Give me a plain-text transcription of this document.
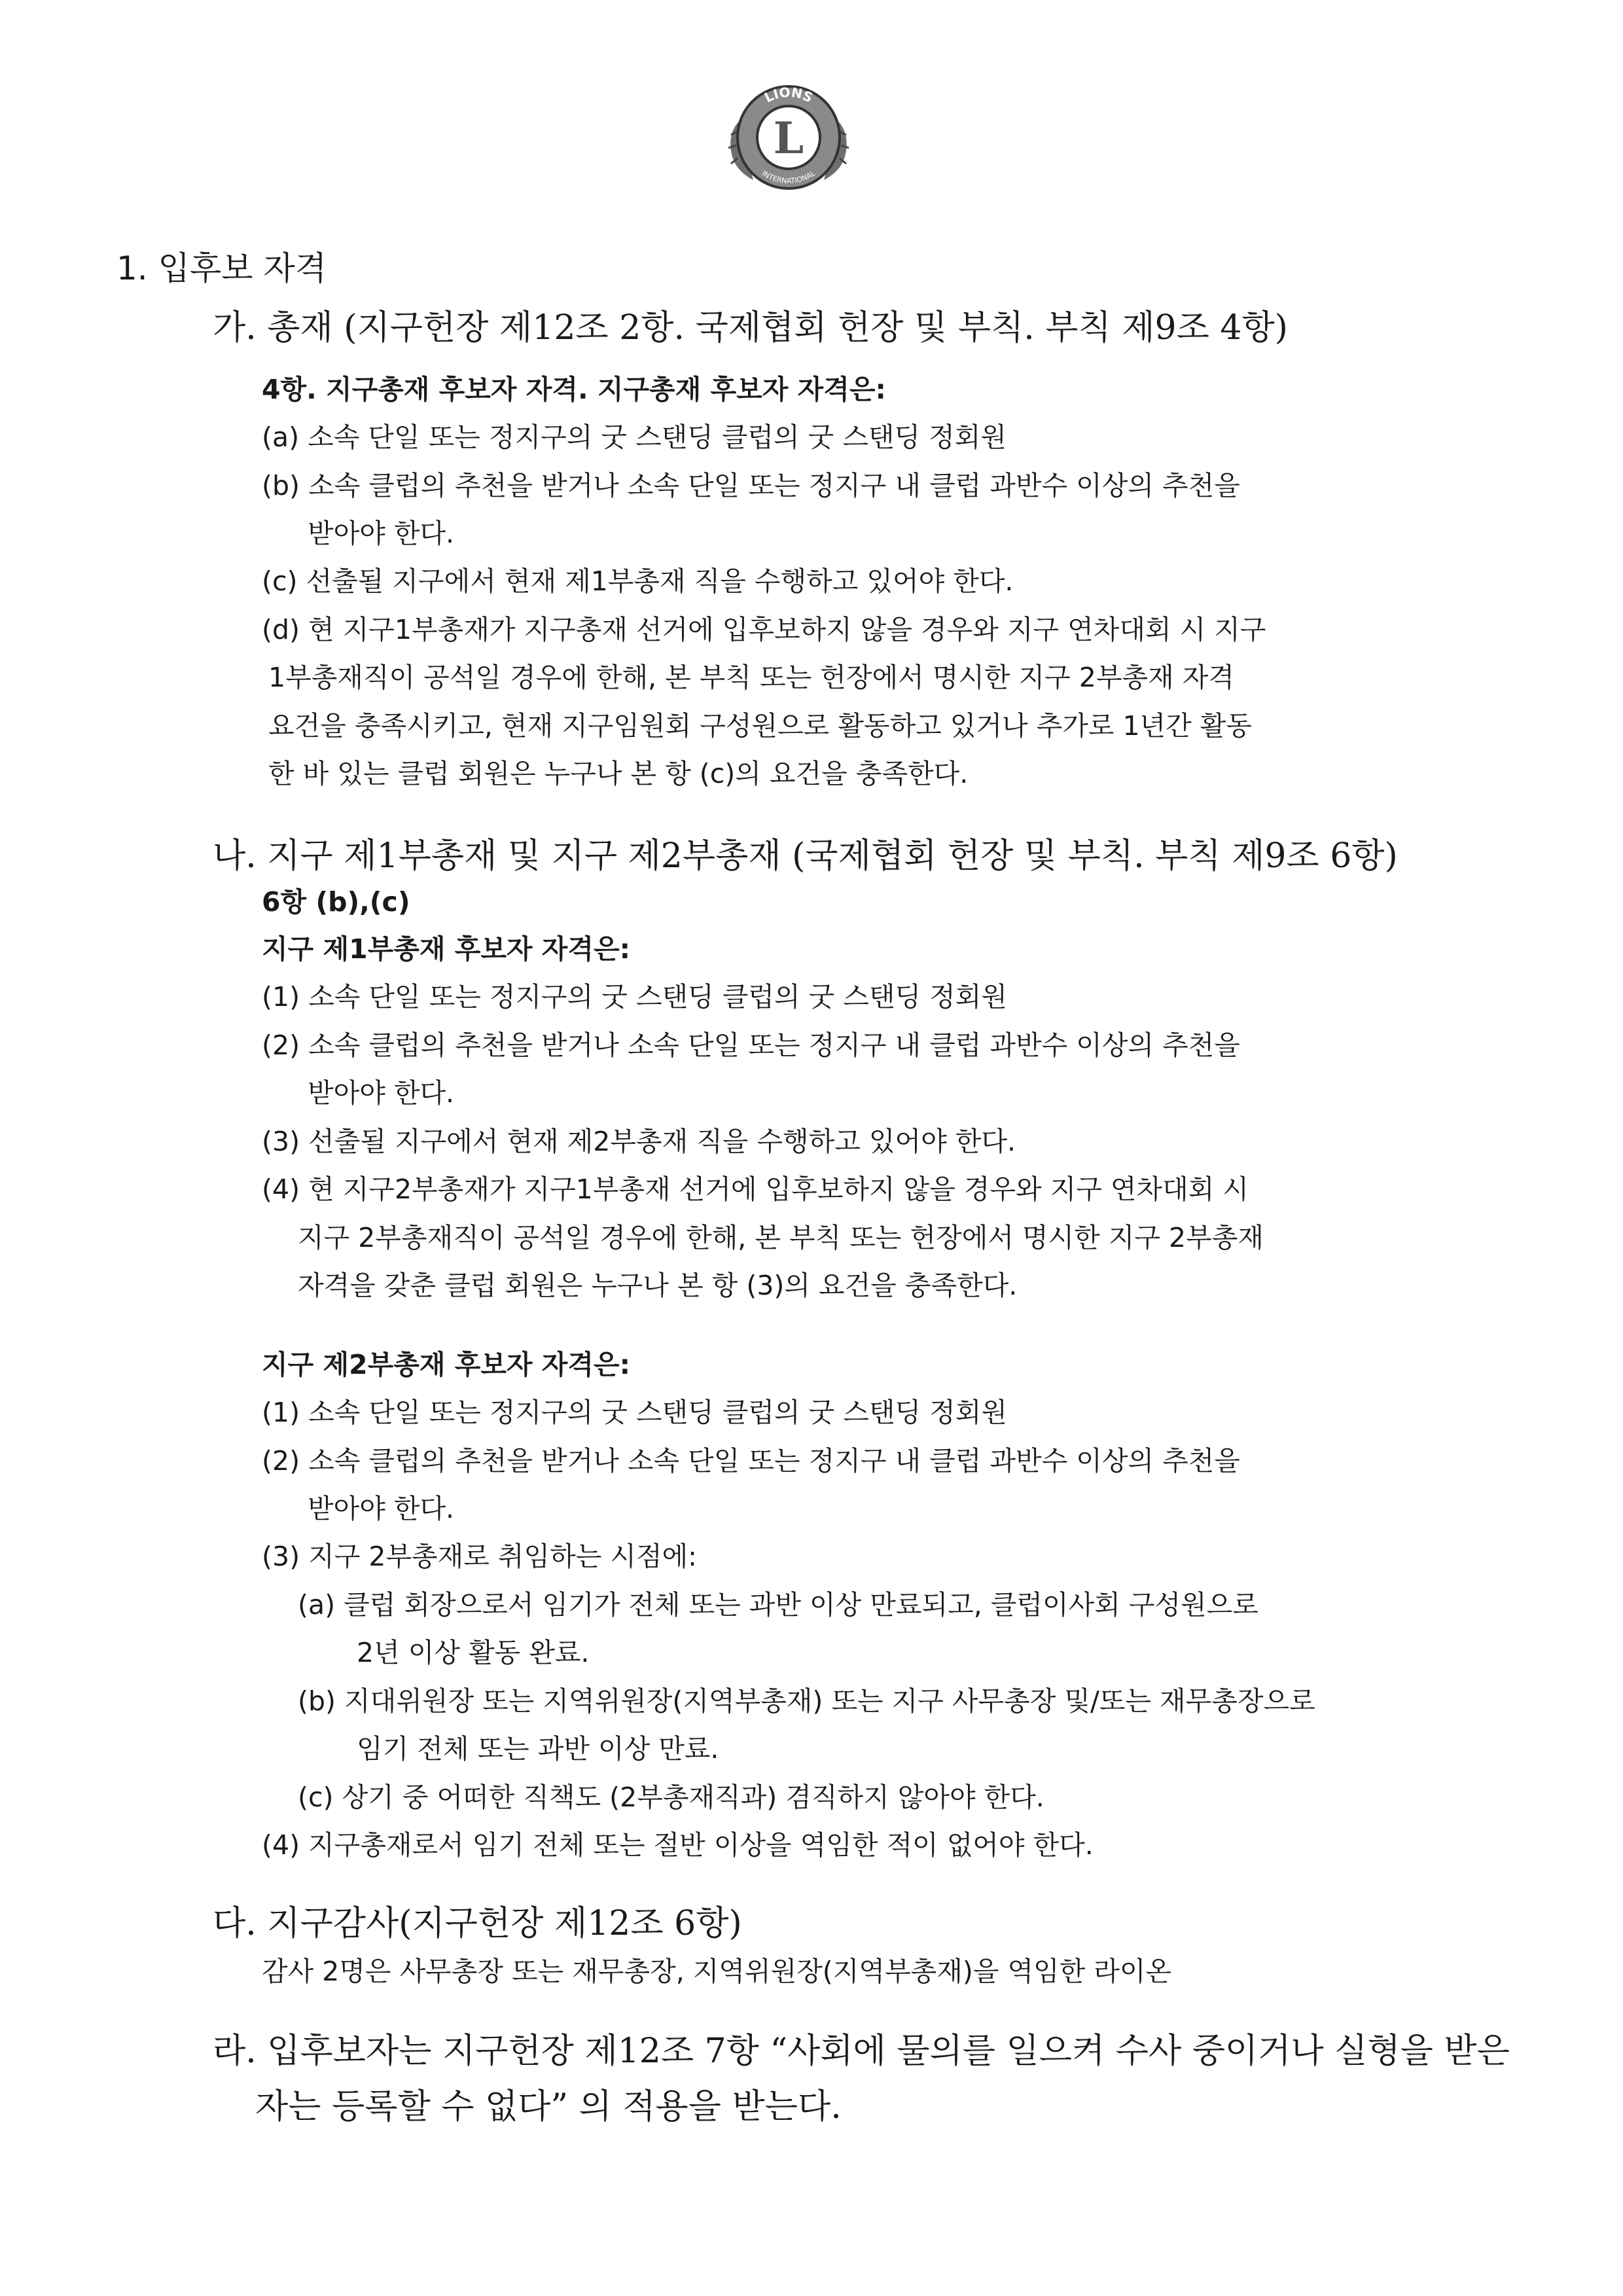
LIONS
L
INTERNATIONAL
1. 입후보 자격
가. 총재 (지구헌장 제12조 2항. 국제협회 헌장 및 부칙. 부칙 제9조 4항)
4항. 지구총재 후보자 자격. 지구총재 후보자 자격은:
(a) 소속 단일 또는 정지구의 굿 스탠딩 클럽의 굿 스탠딩 정회원
(b) 소속 클럽의 추천을 받거나 소속 단일 또는 정지구 내 클럽 과반수 이상의 추천을
받아야 한다.
(c) 선출될 지구에서 현재 제1부총재 직을 수행하고 있어야 한다.
(d) 현 지구1부총재가 지구총재 선거에 입후보하지 않을 경우와 지구 연차대회 시 지구
1부총재직이 공석일 경우에 한해, 본 부칙 또는 헌장에서 명시한 지구 2부총재 자격
요건을 충족시키고, 현재 지구임원회 구성원으로 활동하고 있거나 추가로 1년간 활동
한 바 있는 클럽 회원은 누구나 본 항 (c)의 요건을 충족한다.
나. 지구 제1부총재 및 지구 제2부총재 (국제협회 헌장 및 부칙. 부칙 제9조 6항)
6항 (b),(c)
지구 제1부총재 후보자 자격은:
(1) 소속 단일 또는 정지구의 굿 스탠딩 클럽의 굿 스탠딩 정회원
(2) 소속 클럽의 추천을 받거나 소속 단일 또는 정지구 내 클럽 과반수 이상의 추천을
받아야 한다.
(3) 선출될 지구에서 현재 제2부총재 직을 수행하고 있어야 한다.
(4) 현 지구2부총재가 지구1부총재 선거에 입후보하지 않을 경우와 지구 연차대회 시
지구 2부총재직이 공석일 경우에 한해, 본 부칙 또는 헌장에서 명시한 지구 2부총재
자격을 갖춘 클럽 회원은 누구나 본 항 (3)의 요건을 충족한다.
지구 제2부총재 후보자 자격은:
(1) 소속 단일 또는 정지구의 굿 스탠딩 클럽의 굿 스탠딩 정회원
(2) 소속 클럽의 추천을 받거나 소속 단일 또는 정지구 내 클럽 과반수 이상의 추천을
받아야 한다.
(3) 지구 2부총재로 취임하는 시점에:
(a) 클럽 회장으로서 임기가 전체 또는 과반 이상 만료되고, 클럽이사회 구성원으로
2년 이상 활동 완료.
(b) 지대위원장 또는 지역위원장(지역부총재) 또는 지구 사무총장 및/또는 재무총장으로
임기 전체 또는 과반 이상 만료.
(c) 상기 중 어떠한 직책도 (2부총재직과) 겸직하지 않아야 한다.
(4) 지구총재로서 임기 전체 또는 절반 이상을 역임한 적이 없어야 한다.
다. 지구감사(지구헌장 제12조 6항)
감사 2명은 사무총장 또는 재무총장, 지역위원장(지역부총재)을 역임한 라이온
라. 입후보자는 지구헌장 제12조 7항 “사회에 물의를 일으켜 수사 중이거나 실형을 받은
자는 등록할 수 없다” 의 적용을 받는다.
